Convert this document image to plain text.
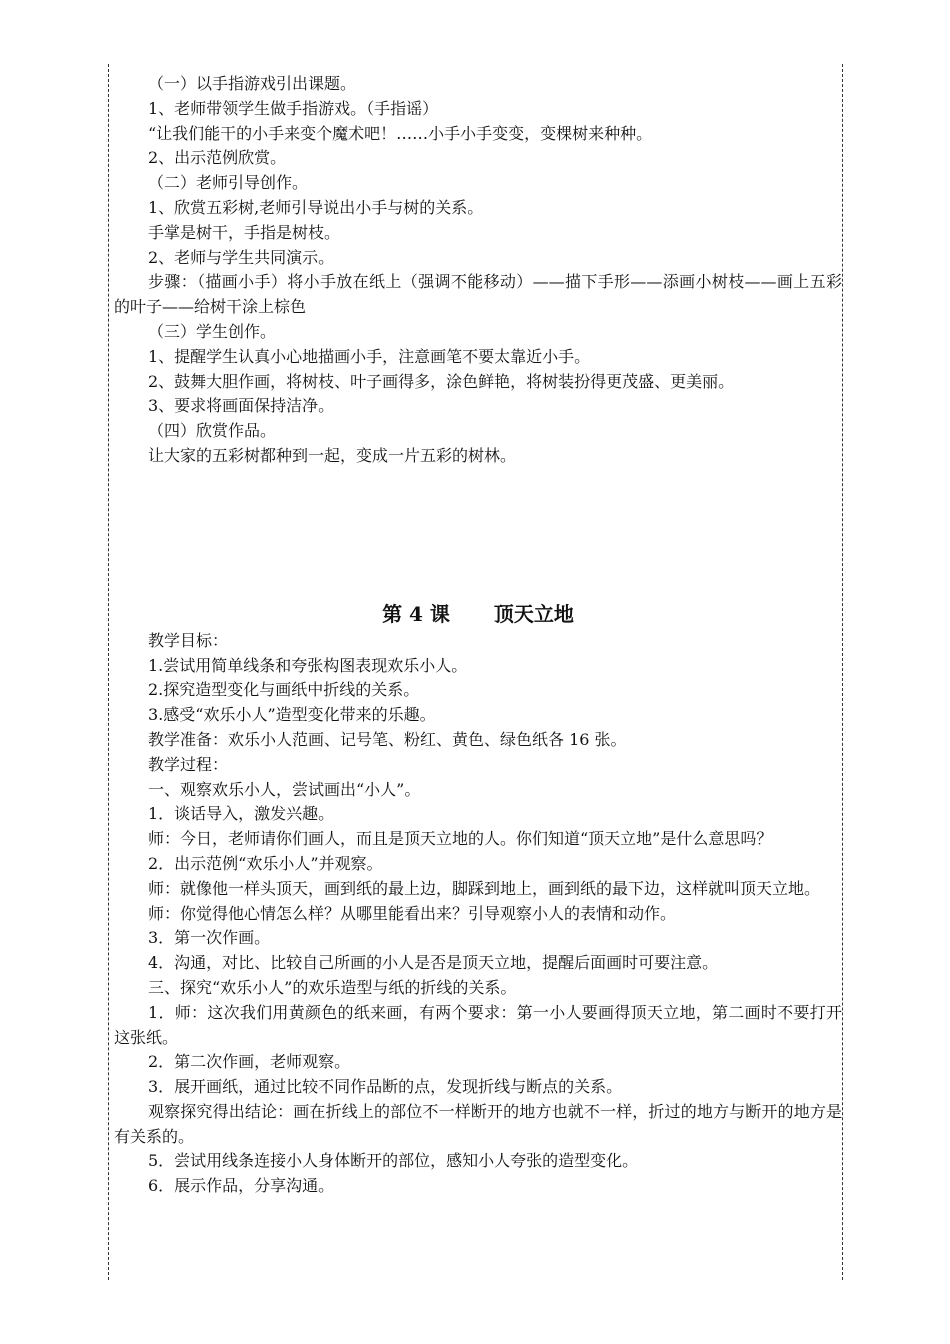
（一）以手指游戏引出课题。

1、老师带领学生做手指游戏。（手指谣）

“让我们能干的小手来变个魔术吧！……小手小手变变，变棵树来种种。

2、出示范例欣赏。

（二）老师引导创作。

1、欣赏五彩树,老师引导说出小手与树的关系。

手掌是树干，手指是树枝。

2、老师与学生共同演示。

步骤：（描画小手）将小手放在纸上（强调不能移动）——描下手形——添画小树枝——画上五彩的叶子——给树干涂上棕色

（三）学生创作。

1、提醒学生认真小心地描画小手，注意画笔不要太靠近小手。

2、鼓舞大胆作画，将树枝、叶子画得多，涂色鲜艳，将树装扮得更茂盛、更美丽。

3、要求将画面保持洁净。

（四）欣赏作品。

让大家的五彩树都种到一起，变成一片五彩的树林。

第 4 课 顶天立地

教学目标：

1.尝试用简单线条和夸张构图表现欢乐小人。

2.探究造型变化与画纸中折线的关系。

3.感受“欢乐小人”造型变化带来的乐趣。

教学准备：欢乐小人范画、记号笔、粉红、黄色、绿色纸各 16 张。

教学过程：

一、观察欢乐小人，尝试画出“小人”。

1．谈话导入，激发兴趣。

师：今日，老师请你们画人，而且是顶天立地的人。你们知道“顶天立地”是什么意思吗？

2．出示范例“欢乐小人”并观察。

师：就像他一样头顶天，画到纸的最上边，脚踩到地上，画到纸的最下边，这样就叫顶天立地。

师：你觉得他心情怎么样？从哪里能看出来？引导观察小人的表情和动作。

3．第一次作画。

4．沟通，对比、比较自己所画的小人是否是顶天立地，提醒后面画时可要注意。

三、探究“欢乐小人”的欢乐造型与纸的折线的关系。

1．师：这次我们用黄颜色的纸来画，有两个要求：第一小人要画得顶天立地，第二画时不要打开这张纸。

2．第二次作画，老师观察。

3．展开画纸，通过比较不同作品断的点，发现折线与断点的关系。

观察探究得出结论：画在折线上的部位不一样断开的地方也就不一样，折过的地方与断开的地方是有关系的。

5．尝试用线条连接小人身体断开的部位，感知小人夸张的造型变化。

6．展示作品，分享沟通。
